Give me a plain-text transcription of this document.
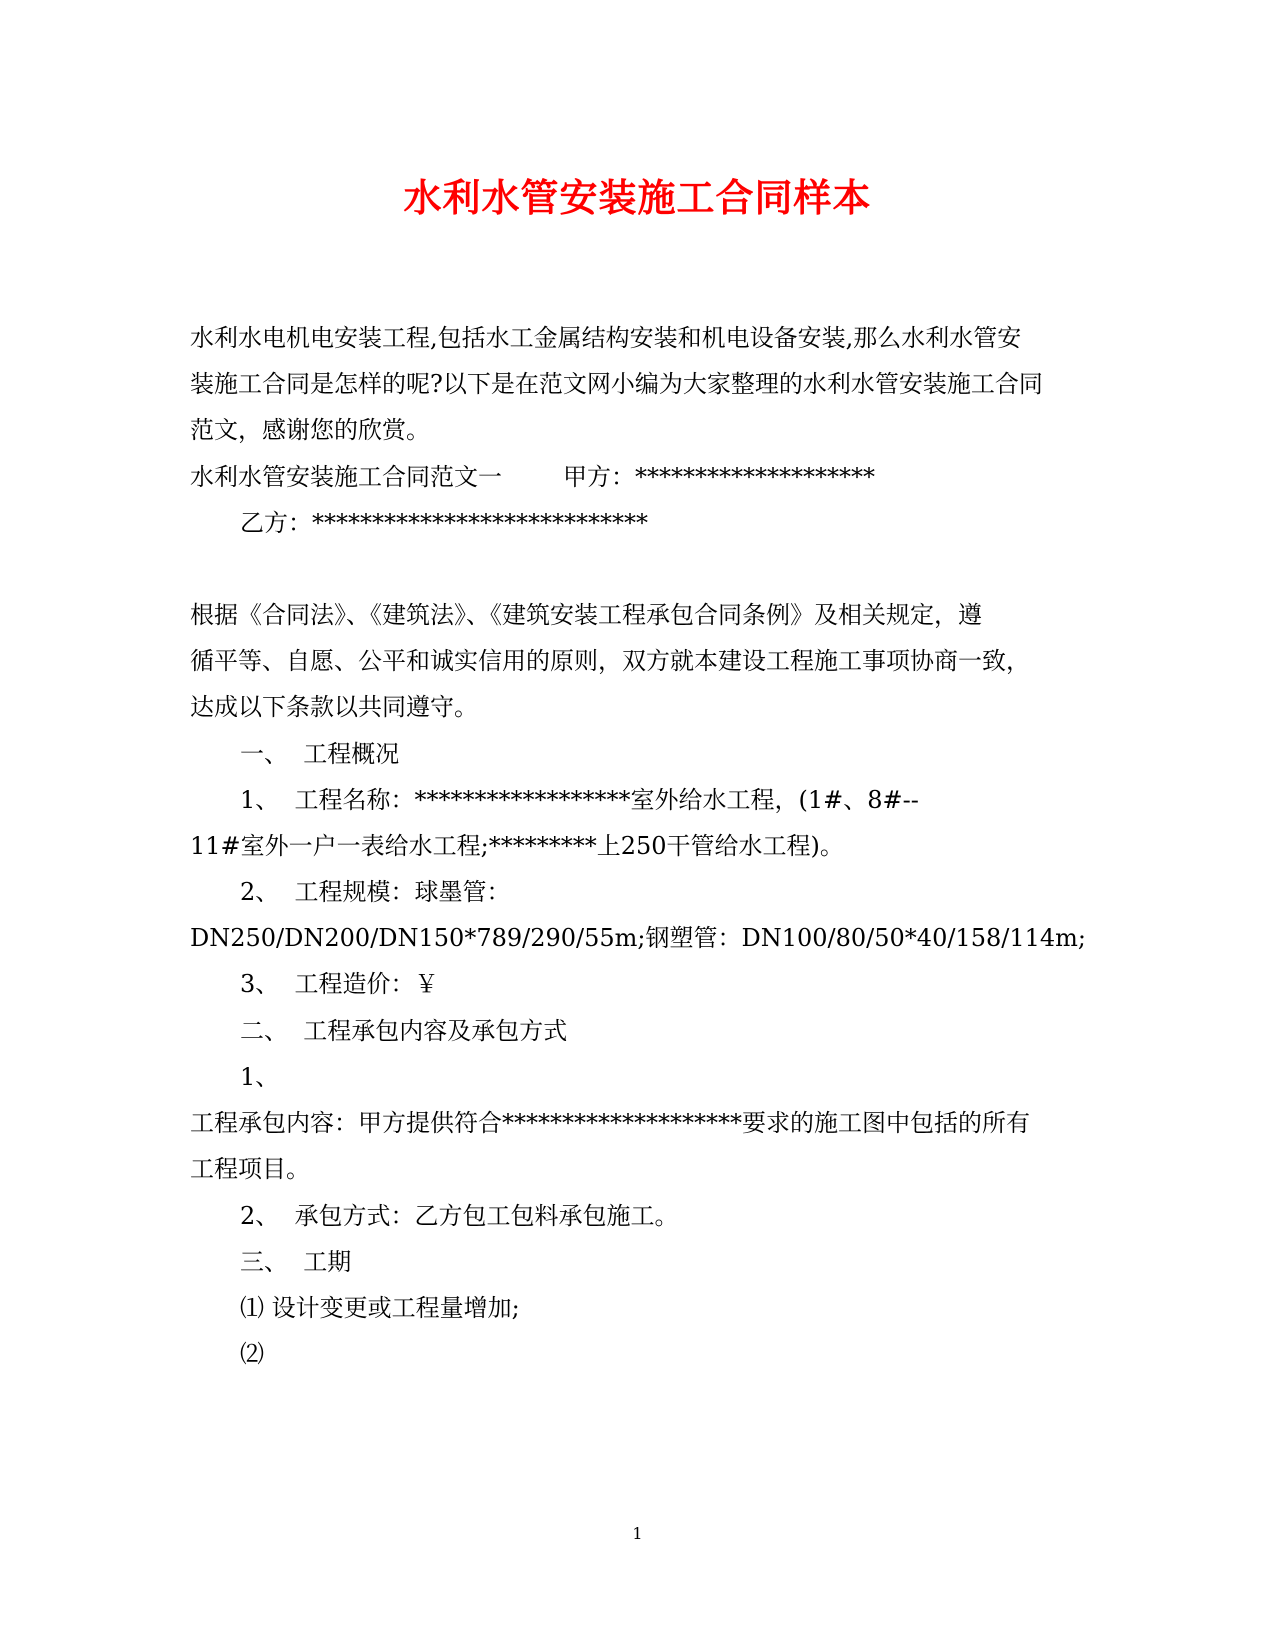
水利水管安装施工合同样本
水利水电机电安装工程,包括水工金属结构安装和机电设备安装,那么水利水管安
装施工合同是怎样的呢?以下是在范文网小编为大家整理的水利水管安装施工合同
范文，感谢您的欣赏。
水利水管安装施工合同范文一        甲方：********************
乙方：****************************
根据《合同法》、《建筑法》、《建筑安装工程承包合同条例》及相关规定，遵
循平等、自愿、公平和诚实信用的原则，双方就本建设工程施工事项协商一致，
达成以下条款以共同遵守。
一、  工程概况
1、  工程名称：******************室外给水工程，(1#、8#--
11#室外一户一表给水工程;*********上250干管给水工程)。
2、  工程规模：球墨管：
DN250/DN200/DN150*789/290/55m;钢塑管：DN100/80/50*40/158/114m;
3、  工程造价：￥
二、  工程承包内容及承包方式
1、
工程承包内容：甲方提供符合********************要求的施工图中包括的所有
工程项目。
2、  承包方式：乙方包工包料承包施工。
三、  工期
⑴ 设计变更或工程量增加;
⑵
1
